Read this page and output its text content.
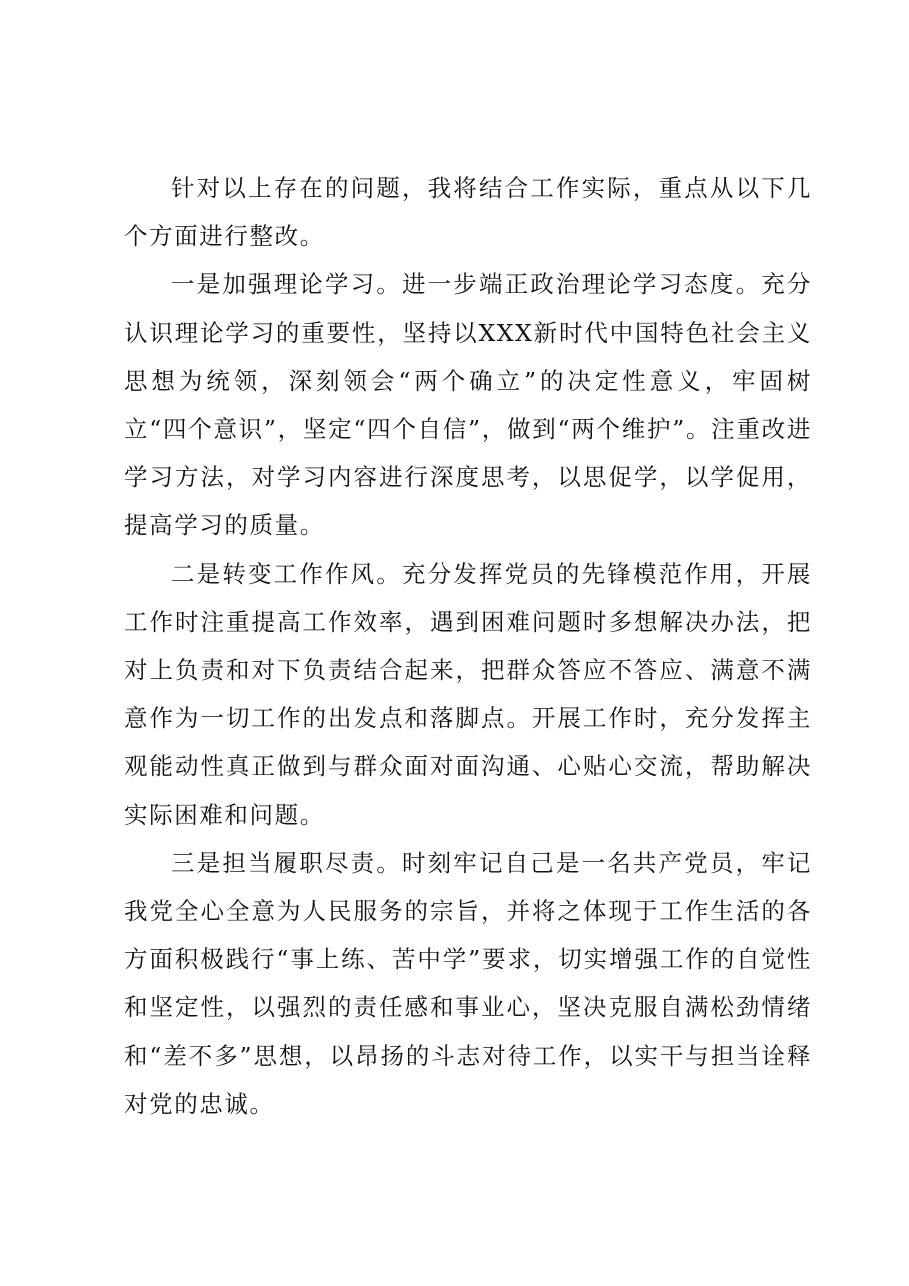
针对以上存在的问题，我将结合工作实际，重点从以下几个方面进行整改。

一是加强理论学习。进一步端正政治理论学习态度。充分认识理论学习的重要性，坚持以XXX新时代中国特色社会主义思想为统领，深刻领会“两个确立”的决定性意义，牢固树立“四个意识”，坚定“四个自信”，做到“两个维护”。注重改进学习方法，对学习内容进行深度思考，以思促学，以学促用，提高学习的质量。

二是转变工作作风。充分发挥党员的先锋模范作用，开展工作时注重提高工作效率，遇到困难问题时多想解决办法，把对上负责和对下负责结合起来，把群众答应不答应、满意不满意作为一切工作的出发点和落脚点。开展工作时，充分发挥主观能动性真正做到与群众面对面沟通、心贴心交流，帮助解决实际困难和问题。

三是担当履职尽责。时刻牢记自己是一名共产党员，牢记我党全心全意为人民服务的宗旨，并将之体现于工作生活的各方面积极践行“事上练、苦中学”要求，切实增强工作的自觉性和坚定性，以强烈的责任感和事业心，坚决克服自满松劲情绪和“差不多”思想，以昂扬的斗志对待工作，以实干与担当诠释对党的忠诚。
